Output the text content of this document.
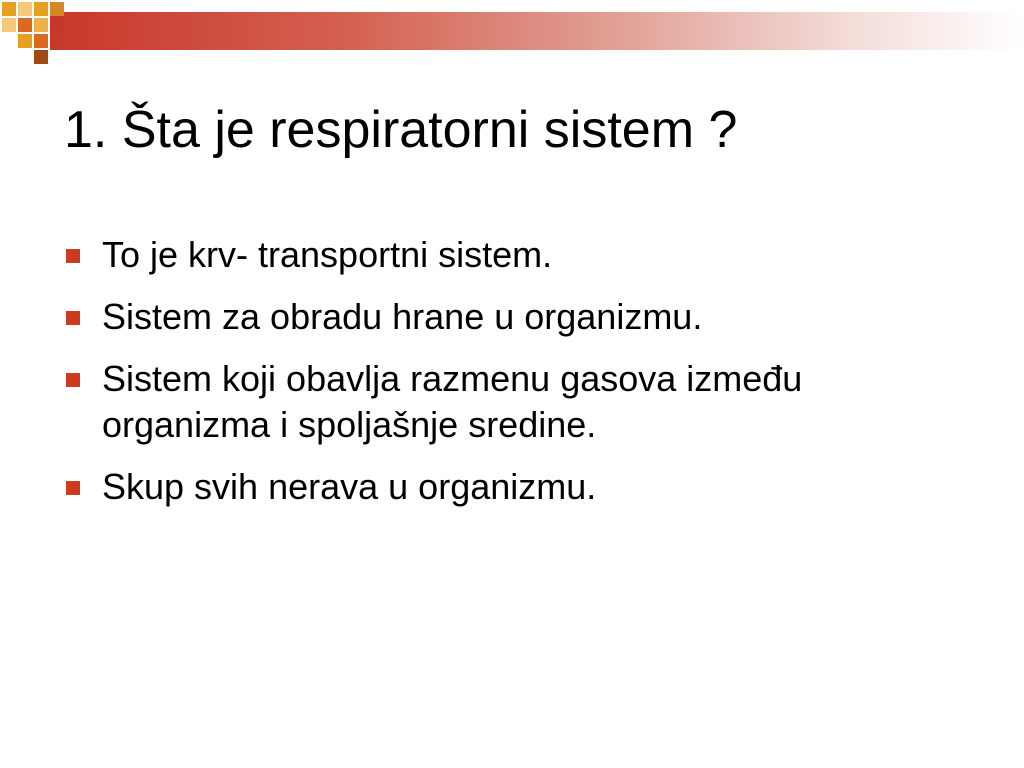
1. Šta je respiratorni sistem ?
To je krv- transportni sistem.
Sistem za obradu hrane u organizmu.
Sistem koji obavlja razmenu gasova između organizma i spoljašnje sredine.
Skup svih nerava u organizmu.
